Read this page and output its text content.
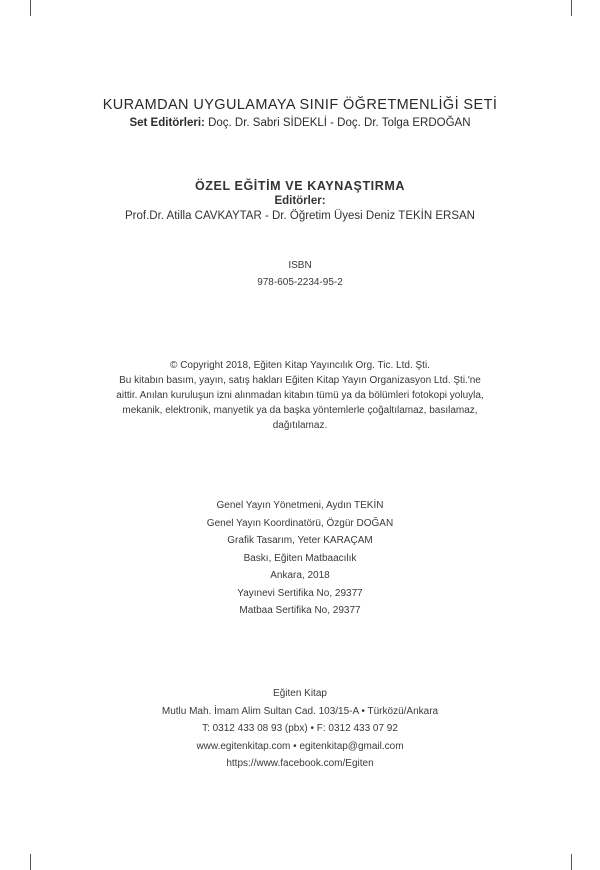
KURAMDAN UYGULAMAYA SINIF ÖĞRETMENLİĞİ SETİ
Set Editörleri: Doç. Dr. Sabri SİDEKLİ - Doç. Dr. Tolga ERDOĞAN
ÖZEL EĞİTİM VE KAYNAŞTIRMA
Editörler:
Prof.Dr. Atilla CAVKAYTAR - Dr. Öğretim Üyesi Deniz TEKİN ERSAN
ISBN
978-605-2234-95-2
© Copyright 2018, Eğiten Kitap Yayıncılık Org. Tic. Ltd. Şti.
Bu kitabın basım, yayın, satış hakları Eğiten Kitap Yayın Organizasyon Ltd. Şti.'ne
aittir. Anılan kuruluşun izni alınmadan kitabın tümü ya da bölümleri fotokopi yoluyla,
mekanik, elektronik, manyetik ya da başka yöntemlerle çoğaltılamaz, basılamaz,
dağıtılamaz.
Genel Yayın Yönetmeni, Aydın TEKİN
Genel Yayın Koordinatörü, Özgür DOĞAN
Grafik Tasarım, Yeter KARAÇAM
Baskı, Eğiten Matbaacılık
Ankara, 2018
Yayınevi Sertifika No, 29377
Matbaa Sertifika No, 29377
Eğiten Kitap
Mutlu Mah. İmam Alim Sultan Cad. 103/15-A • Türközü/Ankara
T: 0312 433 08 93 (pbx) • F: 0312 433 07 92
www.egitenkitap.com • egitenkitap@gmail.com
https://www.facebook.com/Egiten
